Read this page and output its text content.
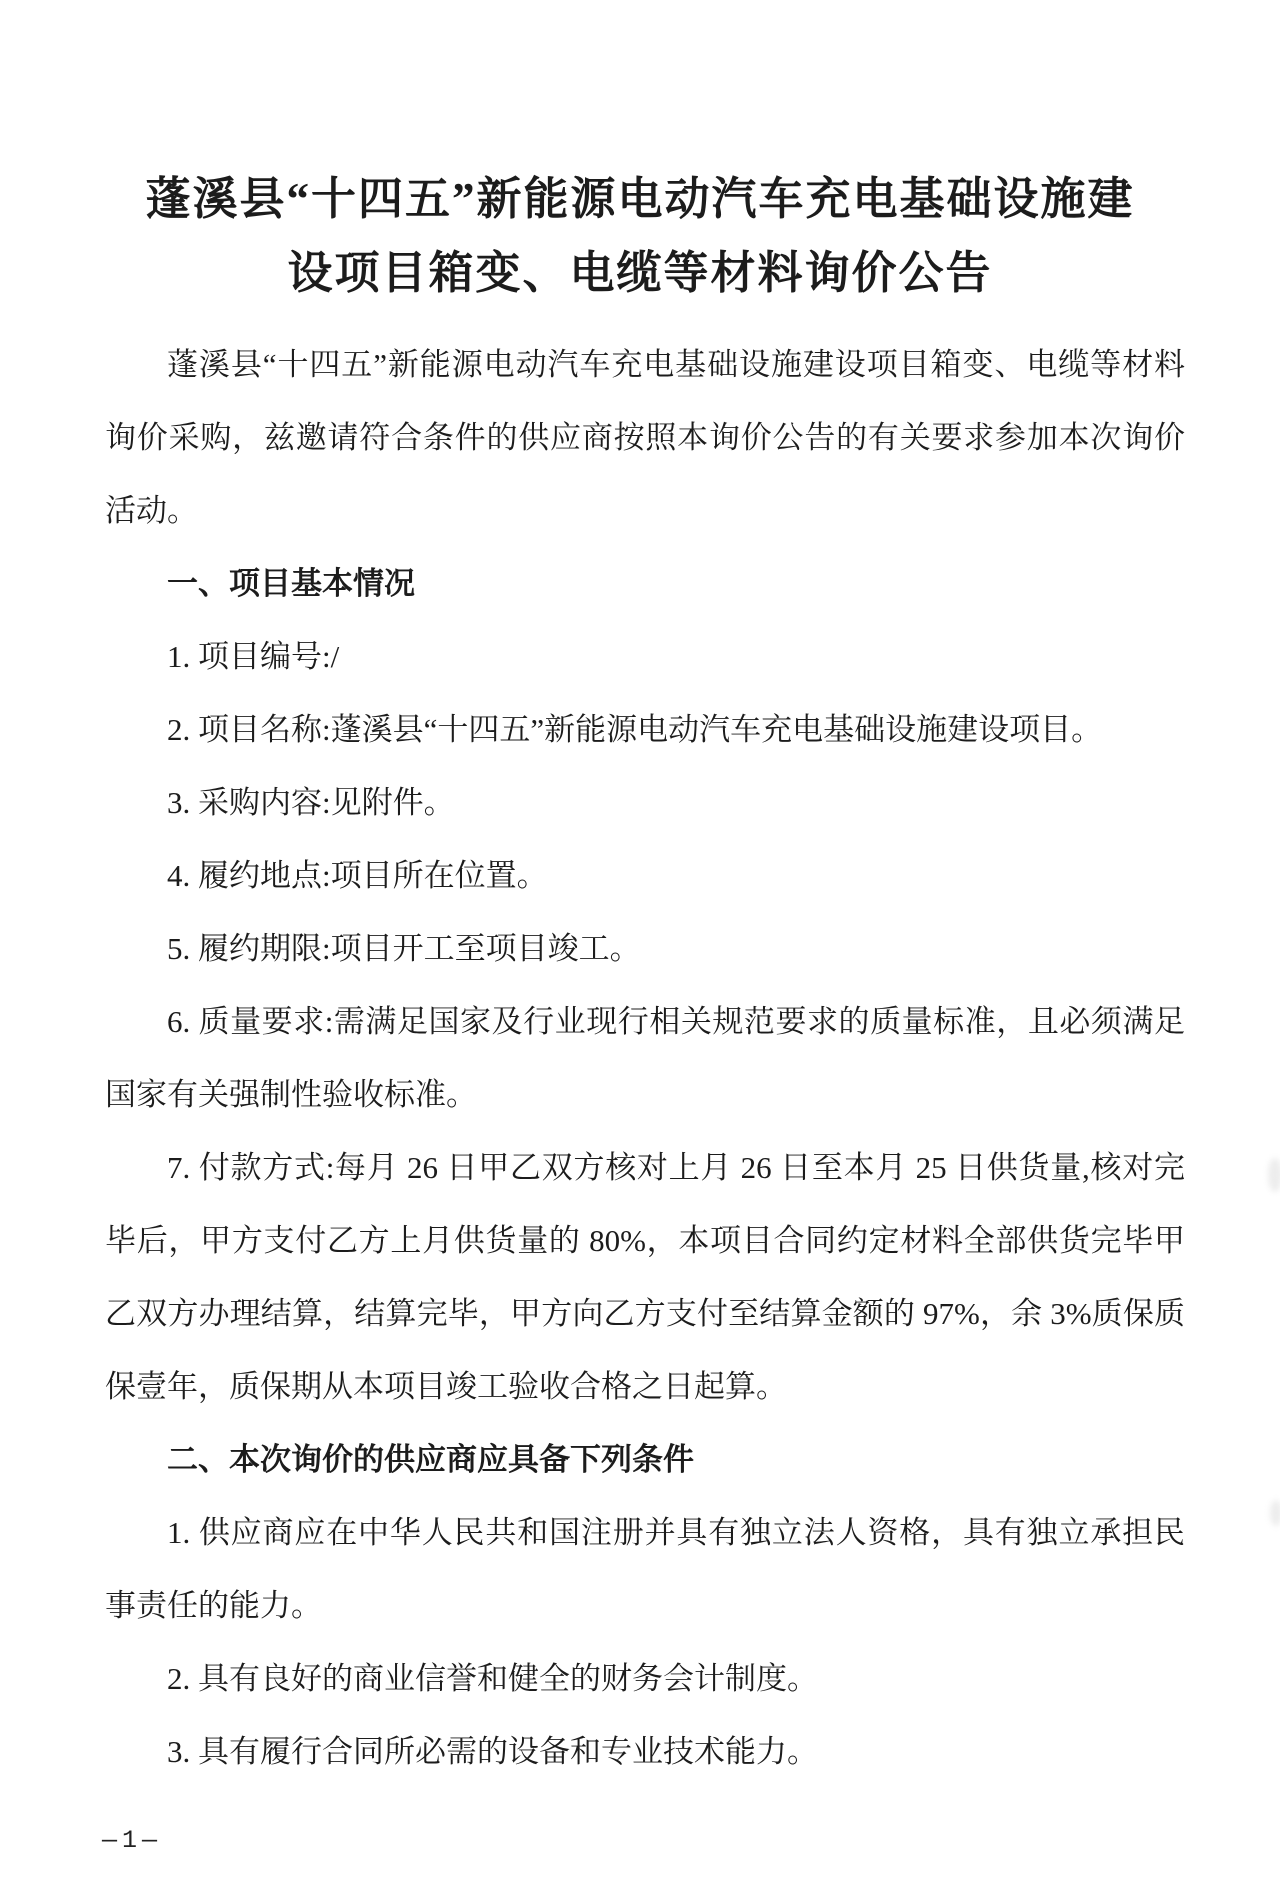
蓬溪县“十四五”新能源电动汽车充电基础设施建
设项目箱变、电缆等材料询价公告

蓬溪县“十四五”新能源电动汽车充电基础设施建设项目箱变、电缆等材料询价采购，兹邀请符合条件的供应商按照本询价公告的有关要求参加本次询价活动。

一、项目基本情况

1. 项目编号:/

2. 项目名称:蓬溪县“十四五”新能源电动汽车充电基础设施建设项目。

3. 采购内容:见附件。

4. 履约地点:项目所在位置。

5. 履约期限:项目开工至项目竣工。

6. 质量要求:需满足国家及行业现行相关规范要求的质量标准，且必须满足国家有关强制性验收标准。

7. 付款方式:每月 26 日甲乙双方核对上月 26 日至本月 25 日供货量,核对完毕后，甲方支付乙方上月供货量的 80%，本项目合同约定材料全部供货完毕甲乙双方办理结算，结算完毕，甲方向乙方支付至结算金额的 97%，余 3%质保质保壹年，质保期从本项目竣工验收合格之日起算。

二、本次询价的供应商应具备下列条件

1. 供应商应在中华人民共和国注册并具有独立法人资格，具有独立承担民事责任的能力。

2. 具有良好的商业信誉和健全的财务会计制度。

3. 具有履行合同所必需的设备和专业技术能力。

—1—
